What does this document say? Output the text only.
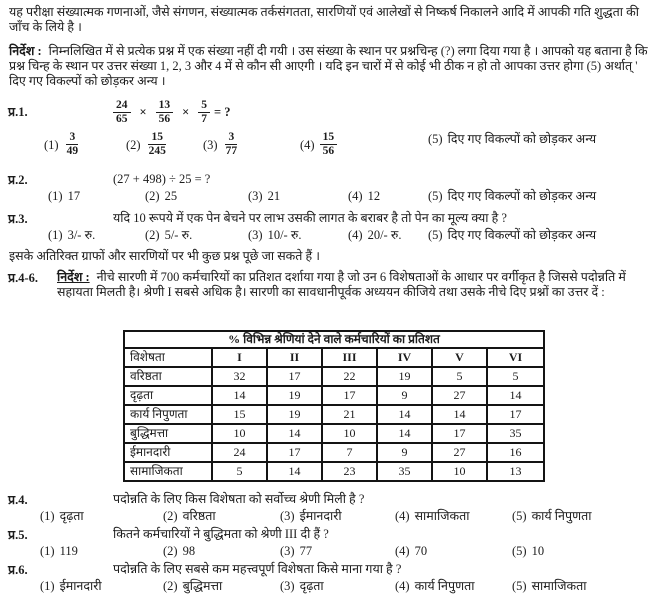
यह परीक्षा संख्यात्मक गणनाओं, जैसे संगणन, संख्यात्मक तर्कसंगतता, सारणियों एवं आलेखों से निष्कर्ष निकालने आदि में आपकी गति शुद्धता की जाँच के लिये है ।

निर्देश : निम्नलिखित में से प्रत्येक प्रश्न में एक संख्या नहीं दी गयी । उस संख्या के स्थान पर प्रश्नचिन्ह (?) लगा दिया गया है । आपको यह बताना है कि प्रश्न चिन्ह के स्थान पर उत्तर संख्या 1, 2, 3 और 4 में से कौन सी आएगी । यदि इन चारों में से कोई भी ठीक न हो तो आपका उत्तर होगा (5) अर्थात् ' दिए गए विकल्पों को छोड़कर अन्य ।

प्र.1.	$\frac{24}{65} \times \frac{13}{56} \times \frac{5}{7}$ = ?
$(1) \frac{3}{49}$	$(2) \frac{15}{245}$	$(3) \frac{3}{77}$	$(4) \frac{15}{56}$	(5) दिए गए विकल्पों को छोड़कर अन्य
प्र.2.	(27 + 498) ÷ 25 = ?
(1) 17	(2) 25	(3) 21	(4) 12	(5) दिए गए विकल्पों को छोड़कर अन्य
प्र.3.	यदि 10 रूपये में एक पेन बेचने पर लाभ उसकी लागत के बराबर है तो पेन का मूल्य क्या है ?
(1) 3/- रु.	(2) 5/- रु.	(3) 10/- रु.	(4) 20/- रु. (5) दिए गए विकल्पों को छोड़कर अन्य

इसके अतिरिक्त ग्राफों और सारणियों पर भी कुछ प्रश्न पूछे जा सकते हैं ।

प्र.4-6.	निर्देश : नीचे सारणी में 700 कर्मचारियों का प्रतिशत दर्शाया गया है जो उन 6 विशेषताओं के आधार पर वर्गीकृत है जिससे पदोन्नति में सहायता मिलती है। श्रेणी I सबसे अधिक है। सारणी का सावधानीपूर्वक अध्ययन कीजिये तथा उसके नीचे दिए प्रश्नों का उत्तर दें :
% विभिन्न श्रेणियां देने वाले कर्मचारियों का प्रतिशत						
विशेषता	I	II	III	IV	V	VI
वरिष्ठता	32	17	22	19	5	5
दृढ़ता	14	19	17	9	27	14
कार्य निपुणता	15	19	21	14	14	17
बुद्धिमत्ता	10	14	10	14	17	35
ईमानदारी	24	17	7	9	27	16
सामाजिकता	5	14	23	35	10	13
प्र.4.	पदोन्नति के लिए किस विशेषता को सर्वोच्च श्रेणी मिली है ?
(1) दृढ़ता	(2) वरिष्ठता	(3) ईमानदारी	(4) सामाजिकता	(5) कार्य निपुणता
प्र.5.	कितने कर्मचारियों ने बुद्धिमता को श्रेणी III दी हैं ?
(1) 119	(2) 98	(3) 77	(4) 70	(5) 10
प्र.6.	पदोन्नति के लिए सबसे कम महत्त्वपूर्ण विशेषता किसे माना गया है ?
(1) ईमानदारी	(2) बुद्धिमत्ता	(3) दृढ़ता	(4) कार्य निपुणता	(5) सामाजिकता
